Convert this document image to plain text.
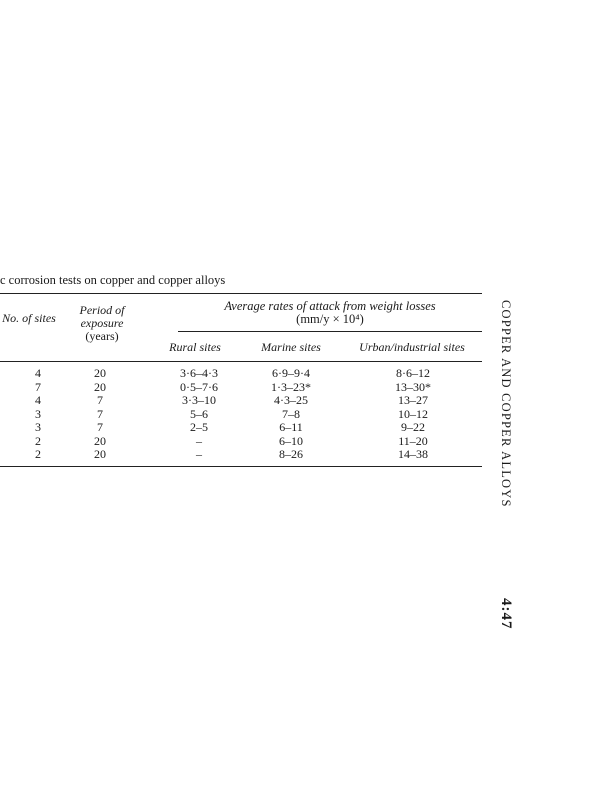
c corrosion tests on copper and copper alloys
No. of sites
Period of
exposure
(years)
Average rates of attack from weight losses
(mm/y × 10⁴)
Rural sites	Marine sites	Urban/industrial sites
4	20	3·6–4·3	6·9–9·4	8·6–12
7	20	0·5–7·6	1·3–23*	13–30*
4	7	3·3–10	4·3–25	13–27
3	7	5–6	7–8	10–12
3	7	2–5	6–11	9–22
2	20	–	6–10	11–20
2	20	–	8–26	14–38	COPPER AND COPPER ALLOYS
4:47
